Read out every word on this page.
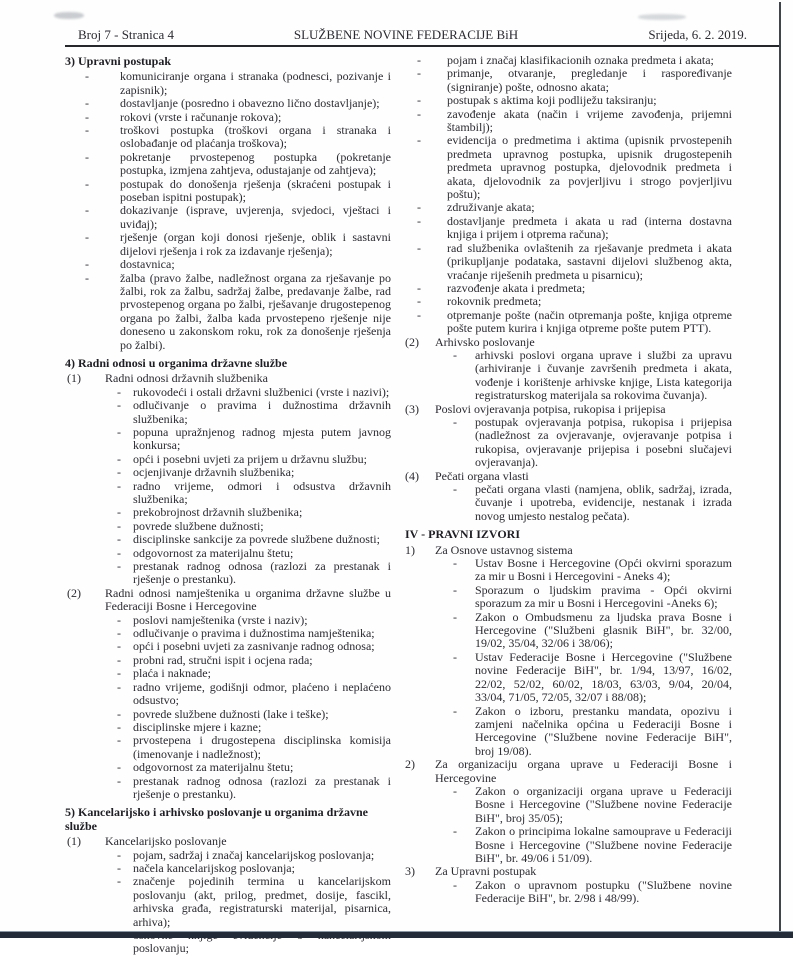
Broj 7 - Stranica 4	SLUŽBENE NOVINE FEDERACIJE BiH	Srijeda, 6. 2. 2019.
3) Upravni postupak
-	komuniciranje organa i stranaka (podnesci, pozivanje i zapisnik);
-	dostavljanje (posredno i obavezno lično dostavljanje);
-	rokovi (vrste i računanje rokova);
-	troškovi postupka (troškovi organa i stranaka i oslobađanje od plaćanja troškova);
-	pokretanje prvostepenog postupka (pokretanje postupka, izmjena zahtjeva, odustajanje od zahtjeva);
-	postupak do donošenja rješenja (skraćeni postupak i poseban ispitni postupak);
-	dokazivanje (isprave, uvjerenja, svjedoci, vještaci i uviđaj);
-	rješenje (organ koji donosi rješenje, oblik i sastavni dijelovi rješenja i rok za izdavanje rješenja);
-	dostavnica;
-	žalba (pravo žalbe, nadležnost organa za rješavanje po žalbi, rok za žalbu, sadržaj žalbe, predavanje žalbe, rad prvostepenog organa po žalbi, rješavanje drugostepenog organa po žalbi, žalba kada prvostepeno rješenje nije doneseno u zakonskom roku, rok za donošenje rješenja po žalbi).
4) Radni odnosi u organima državne službe
(1) Radni odnosi državnih službenika
- rukovodeći i ostali državni službenici (vrste i nazivi);
- odlučivanje o pravima i dužnostima državnih službenika;
- popuna upražnjenog radnog mjesta putem javnog konkursa;
- opći i posebni uvjeti za prijem u državnu službu;
- ocjenjivanje državnih službenika;
- radno vrijeme, odmori i odsustva državnih službenika;
- prekobrojnost državnih službenika;
- povrede službene dužnosti;
- disciplinske sankcije za povrede službene dužnosti;
- odgovornost za materijalnu štetu;
- prestanak radnog odnosa (razlozi za prestanak i rješenje o prestanku).
(2) Radni odnosi namještenika u organima državne službe u Federaciji Bosne i Hercegovine
- poslovi namještenika (vrste i naziv);
- odlučivanje o pravima i dužnostima namještenika;
- opći i posebni uvjeti za zasnivanje radnog odnosa;
- probni rad, stručni ispit i ocjena rada;
- plaća i naknade;
- radno vrijeme, godišnji odmor, plaćeno i neplaćeno odsustvo;
- povrede službene dužnosti (lake i teške);
- disciplinske mjere i kazne;
- prvostepena i drugostepena disciplinska komisija (imenovanje i nadležnost);
- odgovornost za materijalnu štetu;
- prestanak radnog odnosa (razlozi za prestanak i rješenje o prestanku).
5) Kancelarijsko i arhivsko poslovanje u organima državne službe
(1) Kancelarijsko poslovanje
- pojam, sadržaj i značaj kancelarijskog poslovanja;
- načela kancelarijskog poslovanja;
- značenje pojedinih termina u kancelarijskom poslovanju (akt, prilog, predmet, dosije, fascikl, arhivska građa, registraturski materijal, pisarnica, arhiva);
poslovanju;
- pojam i značaj klasifikacionih oznaka predmeta i akata;
- primanje, otvaranje, pregledanje i raspoređivanje (signiranje) pošte, odnosno akata;
- postupak s aktima koji podliježu taksiranju;
- zavođenje akata (način i vrijeme zavođenja, prijemni štambilj);
- evidencija o predmetima i aktima (upisnik prvostepenih predmeta upravnog postupka, upisnik drugostepenih predmeta upravnog postupka, djelovodnik predmeta i akata, djelovodnik za povjerljivu i strogo povjerljivu poštu);
- združivanje akata;
- dostavljanje predmeta i akata u rad (interna dostavna knjiga i prijem i otprema računa);
- rad službenika ovlaštenih za rješavanje predmeta i akata (prikupljanje podataka, sastavni dijelovi službenog akta, vraćanje riješenih predmeta u pisarnicu);
- razvođenje akata i predmeta;
- rokovnik predmeta;
- otpremanje pošte (način otpremanja pošte, knjiga otpreme pošte putem kurira i knjiga otpreme pošte putem PTT).
(2) Arhivsko poslovanje
- arhivski poslovi organa uprave i službi za upravu (arhiviranje i čuvanje završenih predmeta i akata, vođenje i korištenje arhivske knjige, Lista kategorija registraturskog materijala sa rokovima čuvanja).
(3) Poslovi ovjeravanja potpisa, rukopisa i prijepisa
- postupak ovjeravanja potpisa, rukopisa i prijepisa (nadležnost za ovjeravanje, ovjeravanje potpisa i rukopisa, ovjeravanje prijepisa i posebni slučajevi ovjeravanja).
(4) Pečati organa vlasti
- pečati organa vlasti (namjena, oblik, sadržaj, izrada, čuvanje i upotreba, evidencije, nestanak i izrada novog umjesto nestalog pečata).
IV - PRAVNI IZVORI
1) Za Osnove ustavnog sistema
- Ustav Bosne i Hercegovine (Opći okvirni sporazum za mir u Bosni i Hercegovini - Aneks 4);
- Sporazum o ljudskim pravima - Opći okvirni sporazum za mir u Bosni i Hercegovini -Aneks 6);
- Zakon o Ombudsmenu za ljudska prava Bosne i Hercegovine ("Službeni glasnik BiH", br. 32/00, 19/02, 35/04, 32/06 i 38/06);
- Ustav Federacije Bosne i Hercegovine ("Službene novine Federacije BiH", br. 1/94, 13/97, 16/02, 22/02, 52/02, 60/02, 18/03, 63/03, 9/04, 20/04, 33/04, 71/05, 72/05, 32/07 i 88/08);
- Zakon o izboru, prestanku mandata, opozivu i zamjeni načelnika općina u Federaciji Bosne i Hercegovine ("Službene novine Federacije BiH", broj 19/08).
2) Za organizaciju organa uprave u Federaciji Bosne i Hercegovine
- Zakon o organizaciji organa uprave u Federaciji Bosne i Hercegovine ("Službene novine Federacije BiH", broj 35/05);
- Zakon o principima lokalne samouprave u Federaciji Bosne i Hercegovine ("Službene novine Federacije BiH", br. 49/06 i 51/09).
3) Za Upravni postupak
- Zakon o upravnom postupku ("Službene novine Federacije BiH", br. 2/98 i 48/99).
